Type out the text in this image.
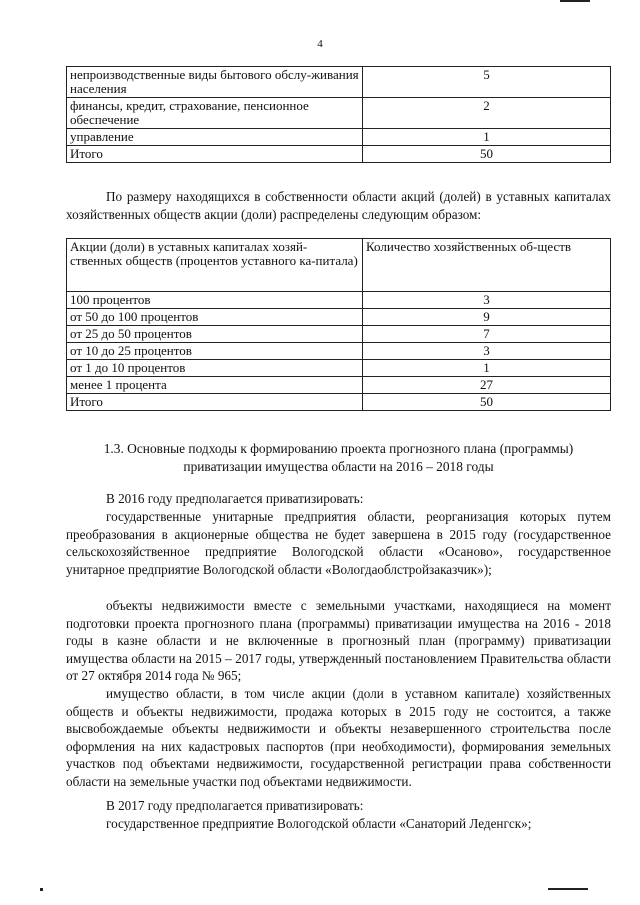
4
непроизводственные виды бытового обслу-живания населения	5
финансы, кредит, страхование, пенсионное обеспечение	2
управление	1
Итого	50
По размеру находящихся в собственности области акций (долей) в уставных капиталах хозяйственных обществ акции (доли) распределены следующим образом:
Акции (доли) в уставных капиталах хозяй-ственных обществ (процентов уставного ка-питала)	Количество хозяйственных об-ществ
100 процентов	3
от 50 до 100 процентов	9
от 25 до 50 процентов	7
от 10 до 25 процентов	3
от 1 до 10 процентов	1
менее 1 процента	27
Итого	50
1.3. Основные подходы к формированию проекта прогнозного плана (программы)
приватизации имущества области на 2016 – 2018 годы
В 2016 году предполагается приватизировать:
государственные унитарные предприятия области, реорганизация которых путем преобразования в акционерные общества не будет завершена в 2015 году (государственное сельскохозяйственное предприятие Вологодской области «Осаново», государственное унитарное предприятие Вологодской области «Вологдаоблстройзаказчик»);
объекты недвижимости вместе с земельными участками, находящиеся на момент подготовки проекта прогнозного плана (программы) приватизации имущества на 2016 - 2018 годы в казне области и не включенные в прогнозный план (программу) приватизации имущества области на 2015 – 2017 годы, утвержденный постановлением Правительства области от 27 октября 2014 года № 965;
имущество области, в том числе акции (доли в уставном капитале) хозяйственных обществ и объекты недвижимости, продажа которых в 2015 году не состоится, а также высвобождаемые объекты недвижимости и объекты незавершенного строительства после оформления на них кадастровых паспортов (при необходимости), формирования земельных участков под объектами недвижимости, государственной регистрации права собственности области на земельные участки под объектами недвижимости.
В 2017 году предполагается приватизировать:
государственное предприятие Вологодской области «Санаторий Леденгск»;
